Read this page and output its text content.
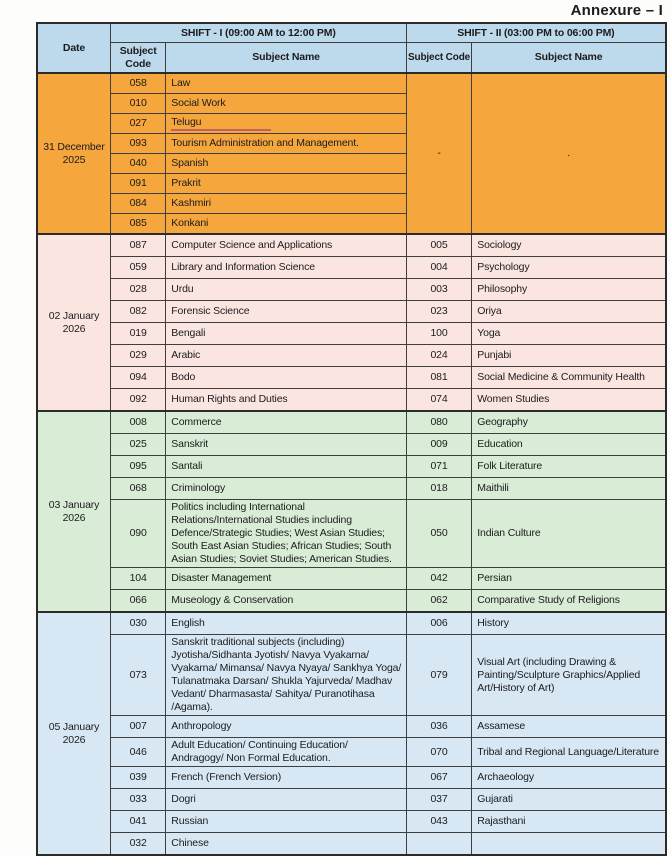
Annexure – I
Date	SHIFT - I (09:00 AM to 12:00 PM)		SHIFT - II (03:00 PM to 06:00 PM)	
	Subject Code	Subject Name	Subject Code	Subject Name
31 December 2025	058	Law	-	.
	010	Social Work		
	027	Telugu		
	093	Tourism Administration and Management.		
	040	Spanish		
	091	Prakrit		
	084	Kashmiri		
	085	Konkani		
02 January 2026	087	Computer Science and Applications	005	Sociology
	059	Library and Information Science	004	Psychology
	028	Urdu	003	Philosophy
	082	Forensic Science	023	Oriya
	019	Bengali	100	Yoga
	029	Arabic	024	Punjabi
	094	Bodo	081	Social Medicine & Community Health
	092	Human Rights and Duties	074	Women Studies
03 January 2026	008	Commerce	080	Geography
	025	Sanskrit	009	Education
	095	Santali	071	Folk Literature
	068	Criminology	018	Maithili
	090	Politics including International Relations/International Studies including Defence/Strategic Studies; West Asian Studies; South East Asian Studies; African Studies; South Asian Studies; Soviet Studies; American Studies.	050	Indian Culture
	104	Disaster Management	042	Persian
	066	Museology & Conservation	062	Comparative Study of Religions
05 January 2026	030	English	006	History
	073	Sanskrit traditional subjects (including) Jyotisha/Sidhanta Jyotish/ Navya Vyakarna/ Vyakarna/ Mimansa/ Navya Nyaya/ Sankhya Yoga/ Tulanatmaka Darsan/ Shukla Yajurveda/ Madhav Vedant/ Dharmasasta/ Sahitya/ Puranotihasa /Agama).	079	Visual Art (including Drawing & Painting/Sculpture Graphics/Applied Art/History of Art)
	007	Anthropology	036	Assamese
	046	Adult Education/ Continuing Education/ Andragogy/ Non Formal Education.	070	Tribal and Regional Language/Literature
	039	French (French Version)	067	Archaeology
	033	Dogri	037	Gujarati
	041	Russian	043	Rajasthani
	032	Chinese		
